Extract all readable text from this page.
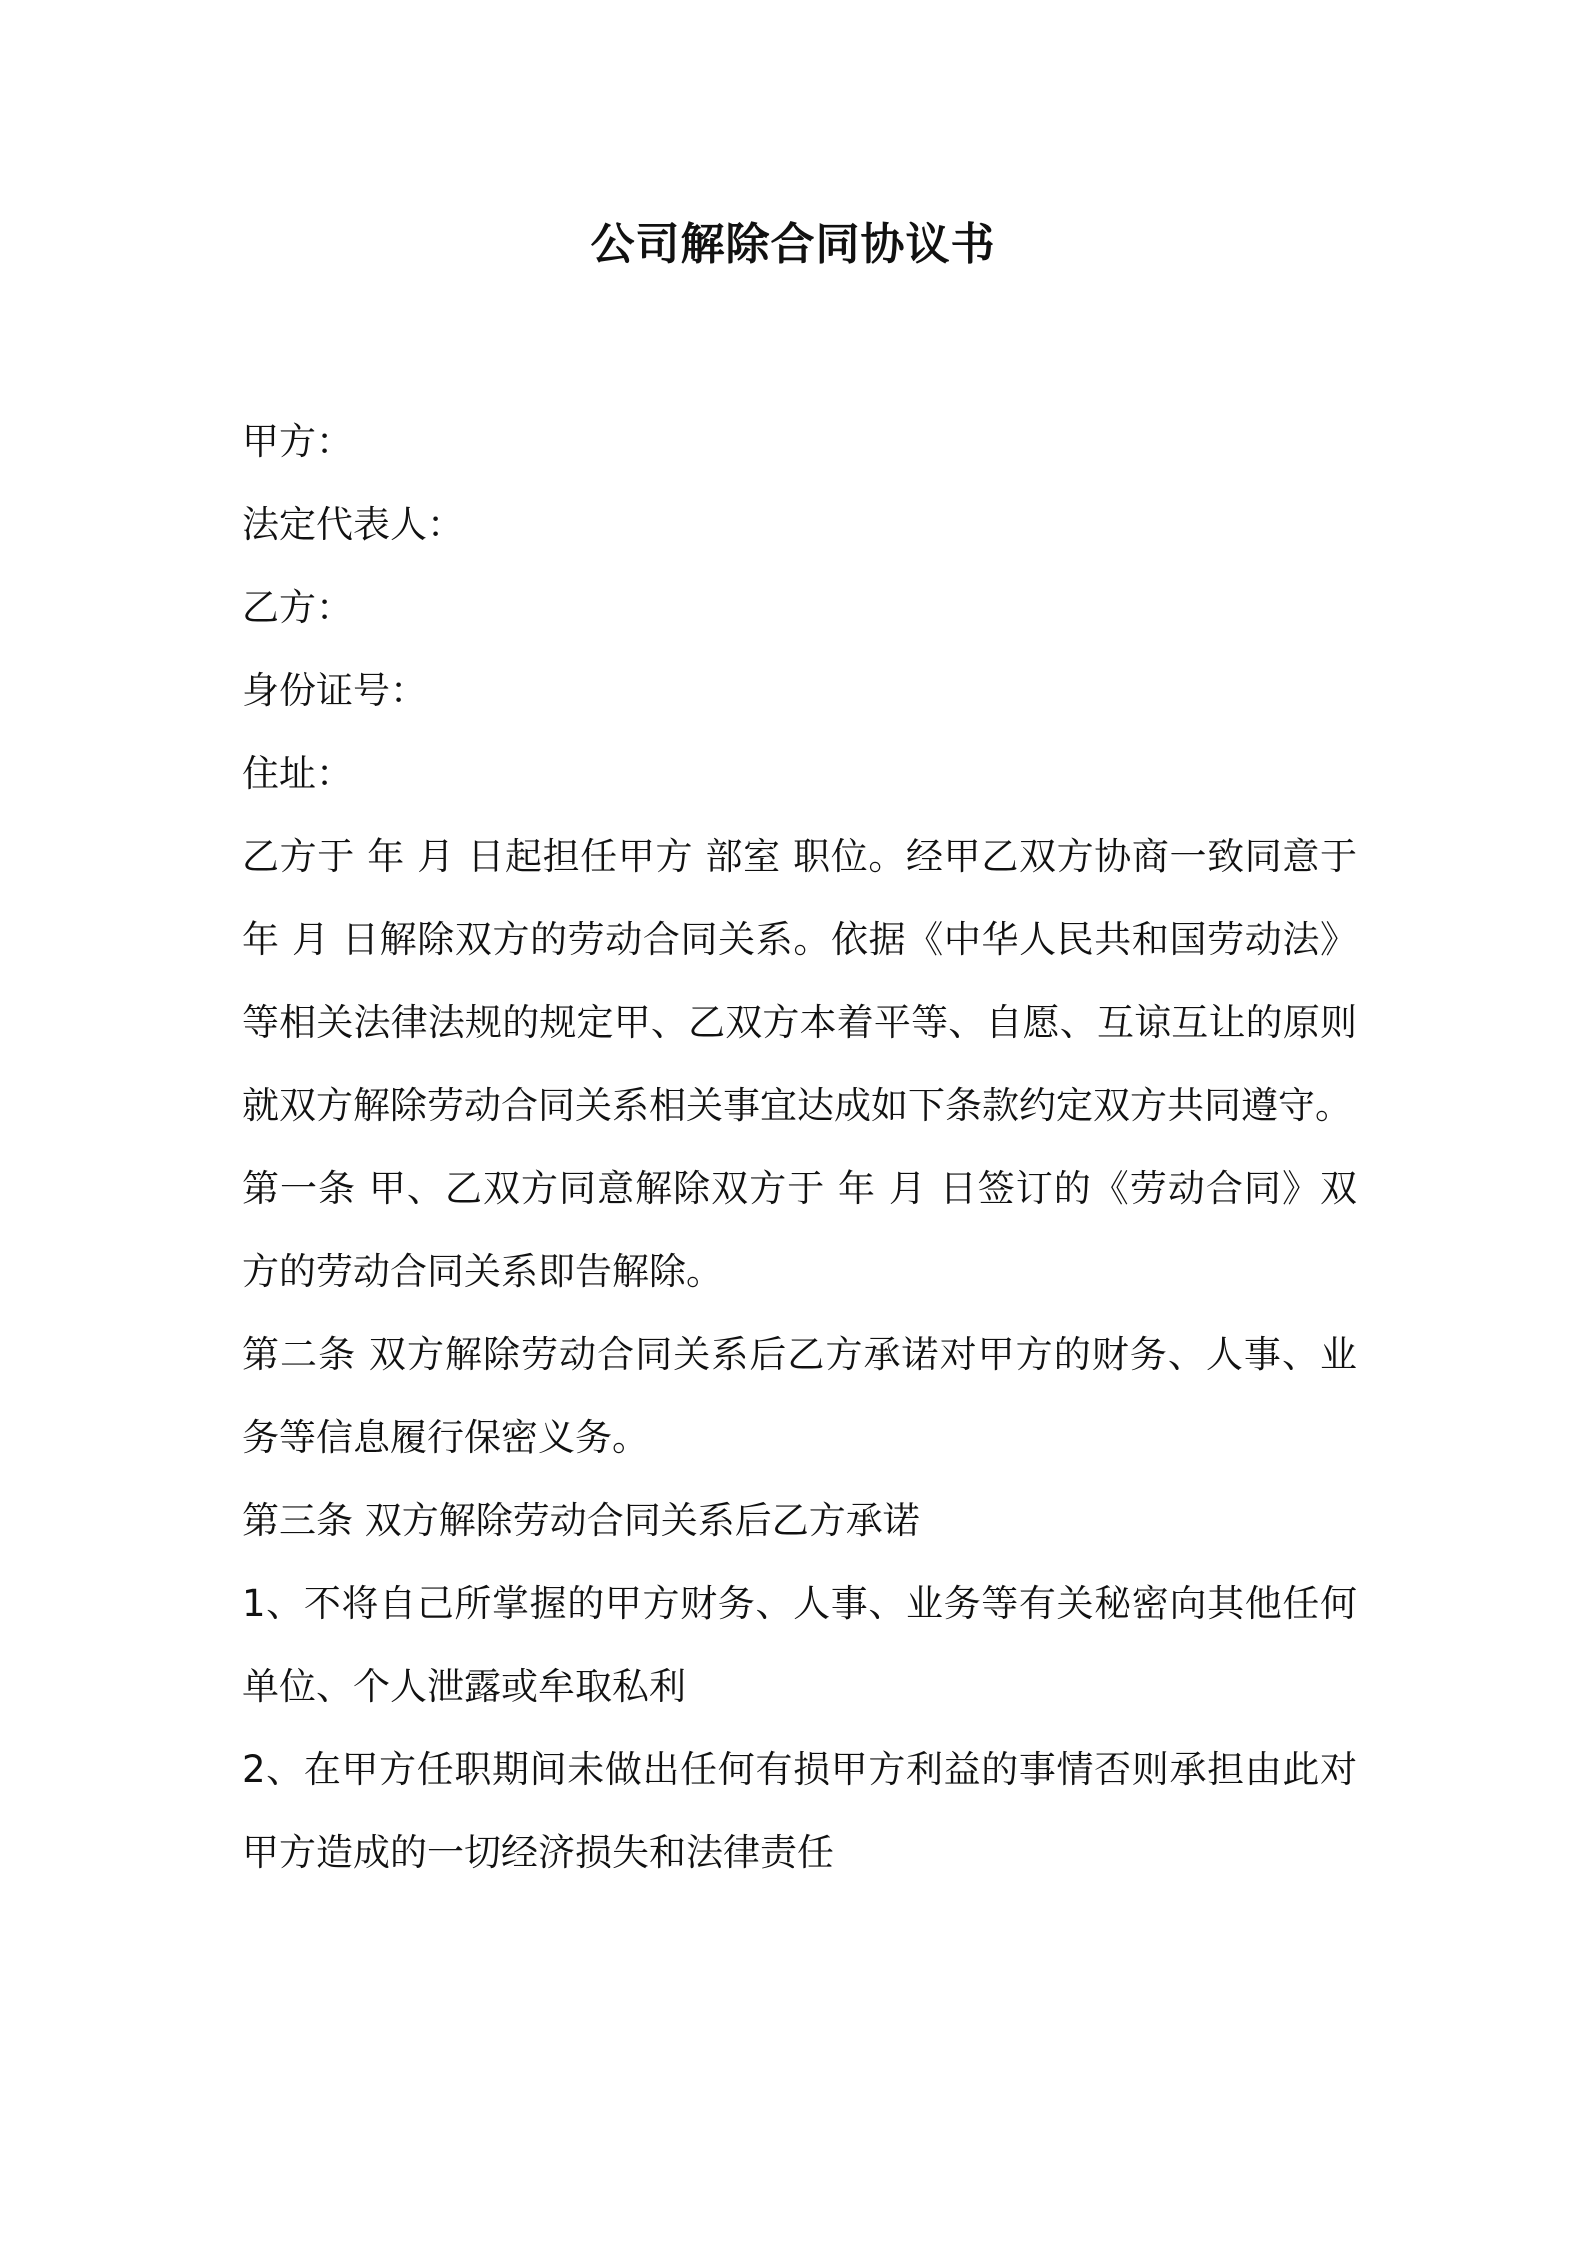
公司解除合同协议书

甲方：

法定代表人：

乙方：

身份证号：

住址：

乙方于 年 月 日起担任甲方 部室 职位。经甲乙双方协商一致同意于 年 月 日解除双方的劳动合同关系。依据《中华人民共和国劳动法》等相关法律法规的规定甲、乙双方本着平等、自愿、互谅互让的原则就双方解除劳动合同关系相关事宜达成如下条款约定双方共同遵守。

第一条 甲、乙双方同意解除双方于 年 月 日签订的《劳动合同》双方的劳动合同关系即告解除。

第二条 双方解除劳动合同关系后乙方承诺对甲方的财务、人事、业务等信息履行保密义务。

第三条 双方解除劳动合同关系后乙方承诺

1、不将自己所掌握的甲方财务、人事、业务等有关秘密向其他任何单位、个人泄露或牟取私利

2、在甲方任职期间未做出任何有损甲方利益的事情否则承担由此对甲方造成的一切经济损失和法律责任
